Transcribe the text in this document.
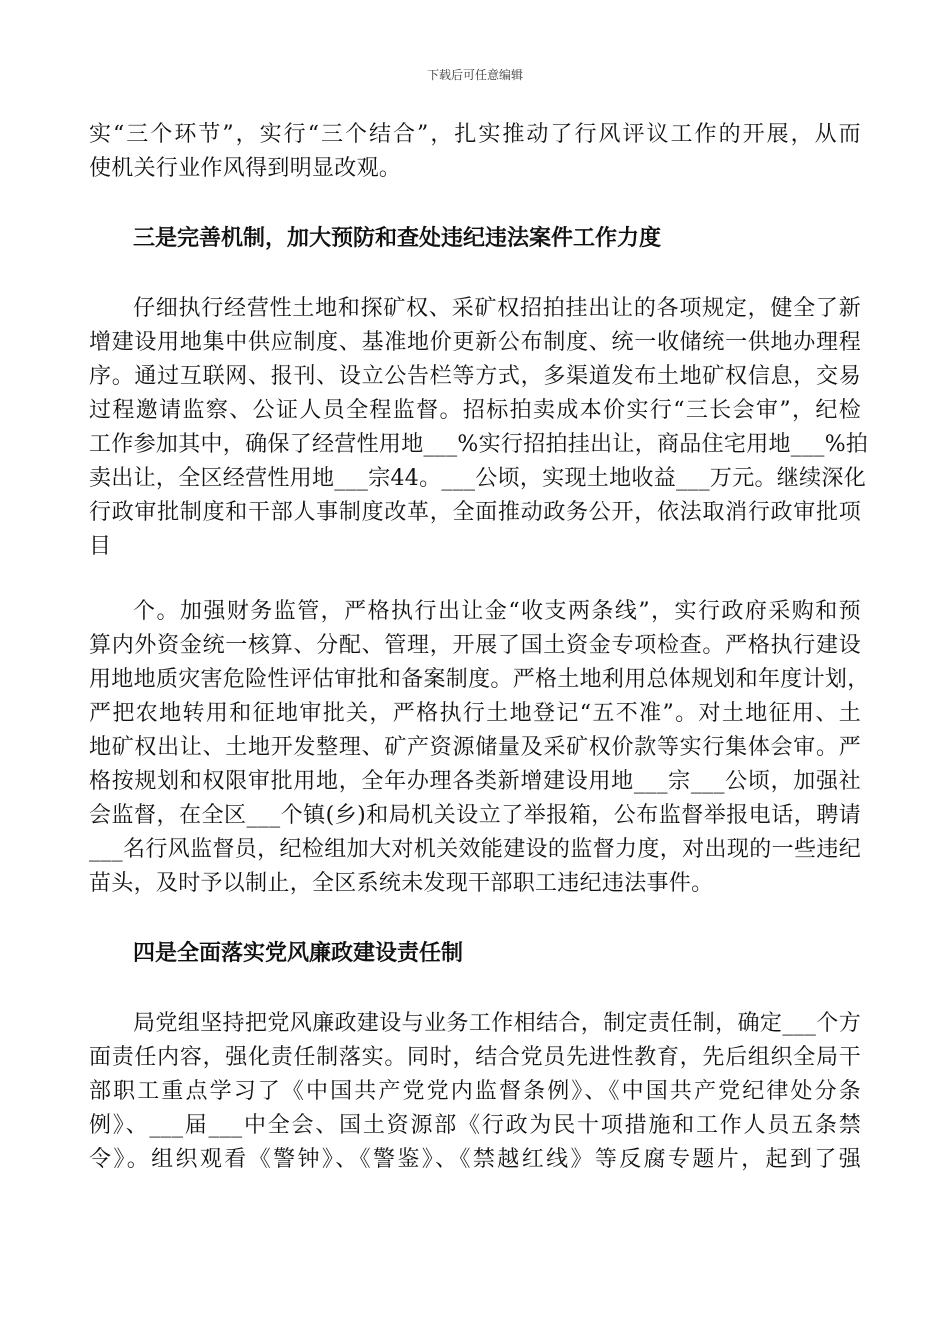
下载后可任意编辑
实“三个环节”，实行“三个结合”，扎实推动了行风评议工作的开展，从而
使机关行业作风得到明显改观。
三是完善机制，加大预防和查处违纪违法案件工作力度
仔细执行经营性土地和探矿权、采矿权招拍挂出让的各项规定，健全了新
增建设用地集中供应制度、基准地价更新公布制度、统一收储统一供地办理程
序。通过互联网、报刊、设立公告栏等方式，多渠道发布土地矿权信息，交易
过程邀请监察、公证人员全程监督。招标拍卖成本价实行“三长会审”，纪检
工作参加其中，确保了经营性用地___%实行招拍挂出让，商品住宅用地___%拍
卖出让，全区经营性用地___宗44。___公顷，实现土地收益___万元。继续深化
行政审批制度和干部人事制度改革，全面推动政务公开，依法取消行政审批项
目
个。加强财务监管，严格执行出让金“收支两条线”，实行政府采购和预
算内外资金统一核算、分配、管理，开展了国土资金专项检查。严格执行建设
用地地质灾害危险性评估审批和备案制度。严格土地利用总体规划和年度计划，
严把农地转用和征地审批关，严格执行土地登记“五不准”。对土地征用、土
地矿权出让、土地开发整理、矿产资源储量及采矿权价款等实行集体会审。严
格按规划和权限审批用地，全年办理各类新增建设用地___宗___公顷，加强社
会监督，在全区___个镇(乡)和局机关设立了举报箱，公布监督举报电话，聘请
___名行风监督员，纪检组加大对机关效能建设的监督力度，对出现的一些违纪
苗头，及时予以制止，全区系统未发现干部职工违纪违法事件。
四是全面落实党风廉政建设责任制
局党组坚持把党风廉政建设与业务工作相结合，制定责任制，确定___个方
面责任内容，强化责任制落实。同时，结合党员先进性教育，先后组织全局干
部职工重点学习了《中国共产党党内监督条例》、《中国共产党纪律处分条
例》、___届___中全会、国土资源部《行政为民十项措施和工作人员五条禁
令》。组织观看《警钟》、《警鉴》、《禁越红线》等反腐专题片，起到了强
